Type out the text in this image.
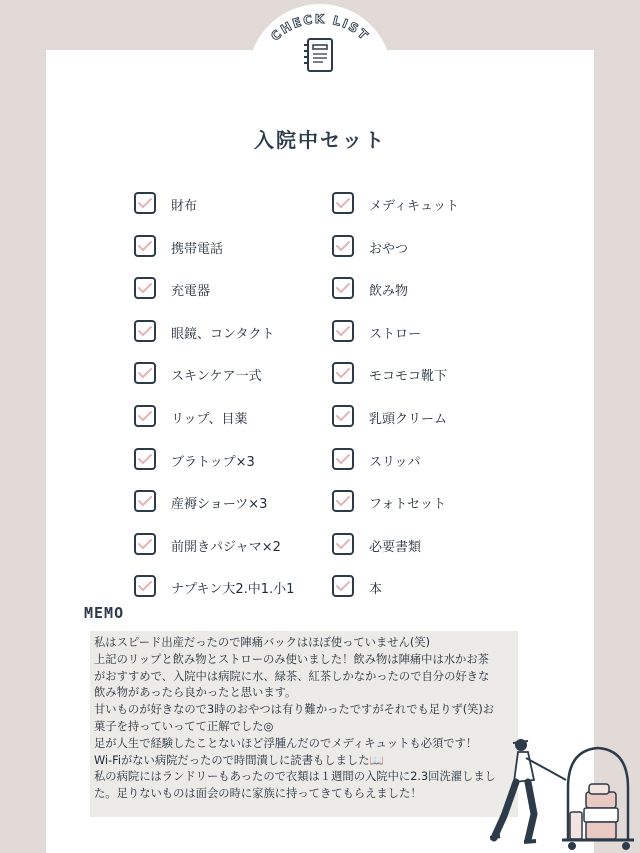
CHECK LIST
入院中セット
財布
携帯電話
充電器
眼鏡、コンタクト
スキンケア一式
リップ、目薬
ブラトップ×3
産褥ショーツ×3
前開きパジャマ×2
ナプキン大2.中1.小1
メディキュット
おやつ
飲み物
ストロー
モコモコ靴下
乳頭クリーム
スリッパ
フォトセット
必要書類
本
MEMO

私はスピード出産だったので陣痛バックはほぼ使っていません(笑)

上記のリップと飲み物とストローのみ使いました！飲み物は陣痛中は水かお茶

がおすすめで、入院中は病院に水、緑茶、紅茶しかなかったので自分の好きな

飲み物があったら良かったと思います。

甘いものが好きなので3時のおやつは有り難かったですがそれでも足りず(笑)お

菓子を持っていってて正解でした◎

足が人生で経験したことないほど浮腫んだのでメディキュットも必須です！

Wi-Fiがない病院だったので時間潰しに読書もしました📖

私の病院にはランドリーもあったので衣類は１週間の入院中に2.3回洗濯しまし

た。足りないものは面会の時に家族に持ってきてもらえました！
